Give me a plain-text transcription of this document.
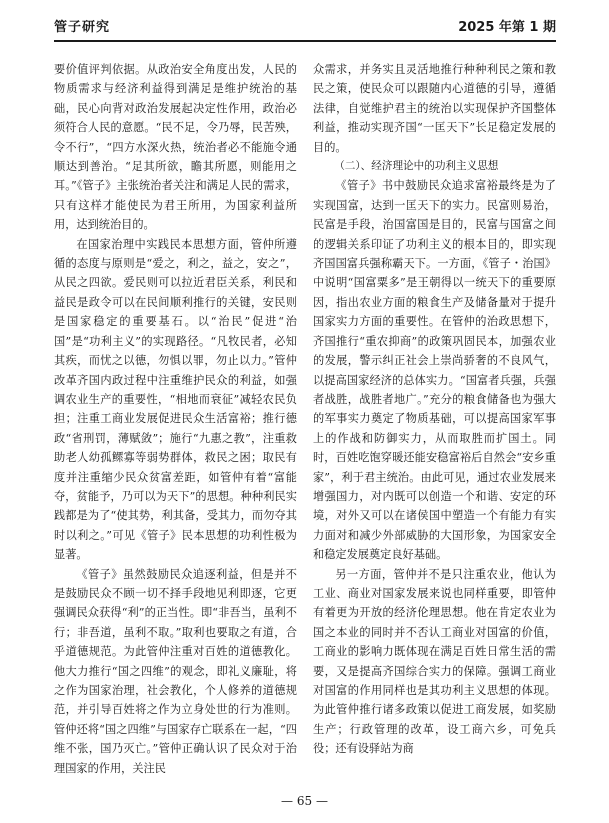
管子研究	2025 年第 1 期

要价值评判依据。从政治安全角度出发，人民的物质需求与经济利益得到满足是维护统治的基础，民心向背对政治发展起决定性作用，政治必须符合人民的意愿。“民不足，令乃辱，民苦殃，令不行”，“四方水深火热，统治者必不能施令通顺达到善治。“足其所欲，瞻其所愿，则能用之耳。”《管子》主张统治者关注和满足人民的需求，只有这样才能使民为君王所用，为国家利益所用，达到统治目的。

在国家治理中实践民本思想方面，管仲所遵循的态度与原则是“爱之，利之，益之，安之”，从民之四欲。爱民则可以拉近君臣关系，利民和益民是政令可以在民间顺利推行的关键，安民则是国家稳定的重要基石。以“治民”促进“治国”是“功利主义”的实现路径。“凡牧民者，必知其疾，而忧之以德，勿惧以罪，勿止以力。”管仲改革齐国内政过程中注重维护民众的利益，如强调农业生产的重要性，“相地而衰征”减轻农民负担；注重工商业发展促进民众生活富裕；推行德政“省刑罚，薄赋敛”；施行“九惠之教”，注重救助老人幼孤鳏寡等弱势群体，救民之困；取民有度并注重缩少民众贫富差距，如管仲有着“富能夺，贫能予，乃可以为天下”的思想。种种利民实践都是为了“使其势，利其备，受其力，而勿夺其时以利之。”可见《管子》民本思想的功利性极为显著。

《管子》虽然鼓励民众追逐利益，但是并不是鼓励民众不顾一切不择手段地见利即逐，它更强调民众获得“利”的正当性。即“非吾当，虽利不行；非吾道，虽利不取。”取利也要取之有道，合乎道德规范。为此管仲注重对百姓的道德教化。他大力推行“国之四维”的观念，即礼义廉耻，将之作为国家治理，社会教化，个人修养的道德规范，并引导百姓将之作为立身处世的行为准则。管仲还将“国之四维”与国家存亡联系在一起，“四维不张，国乃灭亡。”管仲正确认识了民众对于治理国家的作用，关注民

众需求，并务实且灵活地推行种种利民之策和教民之策，使民众可以跟随内心道德的引导，遵循法律，自觉维护君主的统治以实现保护齐国整体利益，推动实现齐国“一匡天下”长足稳定发展的目的。

（二）、经济理论中的功利主义思想

《管子》书中鼓励民众追求富裕最终是为了实现国富，达到一匡天下的实力。民富则易治，民富是手段，治国富国是目的，民富与国富之间的逻辑关系印证了功利主义的根本目的，即实现齐国国富兵强称霸天下。一方面，《管子・治国》中说明“国富粟多”是王朝得以一统天下的重要原因，指出农业方面的粮食生产及储备量对于提升国家实力方面的重要性。在管仲的治政思想下，齐国推行“重农抑商”的政策巩固民本，加强农业的发展，警示纠正社会上崇尚骄奢的不良风气，以提高国家经济的总体实力。“国富者兵强，兵强者战胜，战胜者地广。”充分的粮食储备也为强大的军事实力奠定了物质基础，可以提高国家军事上的作战和防御实力，从而取胜而扩国土。同时，百姓吃饱穿暖还能安稳富裕后自然会“安乡重家”，利于君主统治。由此可见，通过农业发展来增强国力，对内既可以创造一个和谐、安定的环境，对外又可以在诸侯国中塑造一个有能力有实力面对和减少外部威胁的大国形象，为国家安全和稳定发展奠定良好基础。

另一方面，管仲并不是只注重农业，他认为工业、商业对国家发展来说也同样重要，即管仲有着更为开放的经济伦理思想。他在肯定农业为国之本业的同时并不否认工商业对国富的价值，工商业的影响力既体现在满足百姓日常生活的需要，又是提高齐国综合实力的保障。强调工商业对国富的作用同样也是其功利主义思想的体现。为此管仲推行诸多政策以促进工商发展，如奖励生产；行政管理的改革，设工商六乡，可免兵役；还有设驿站为商

— 65 —
